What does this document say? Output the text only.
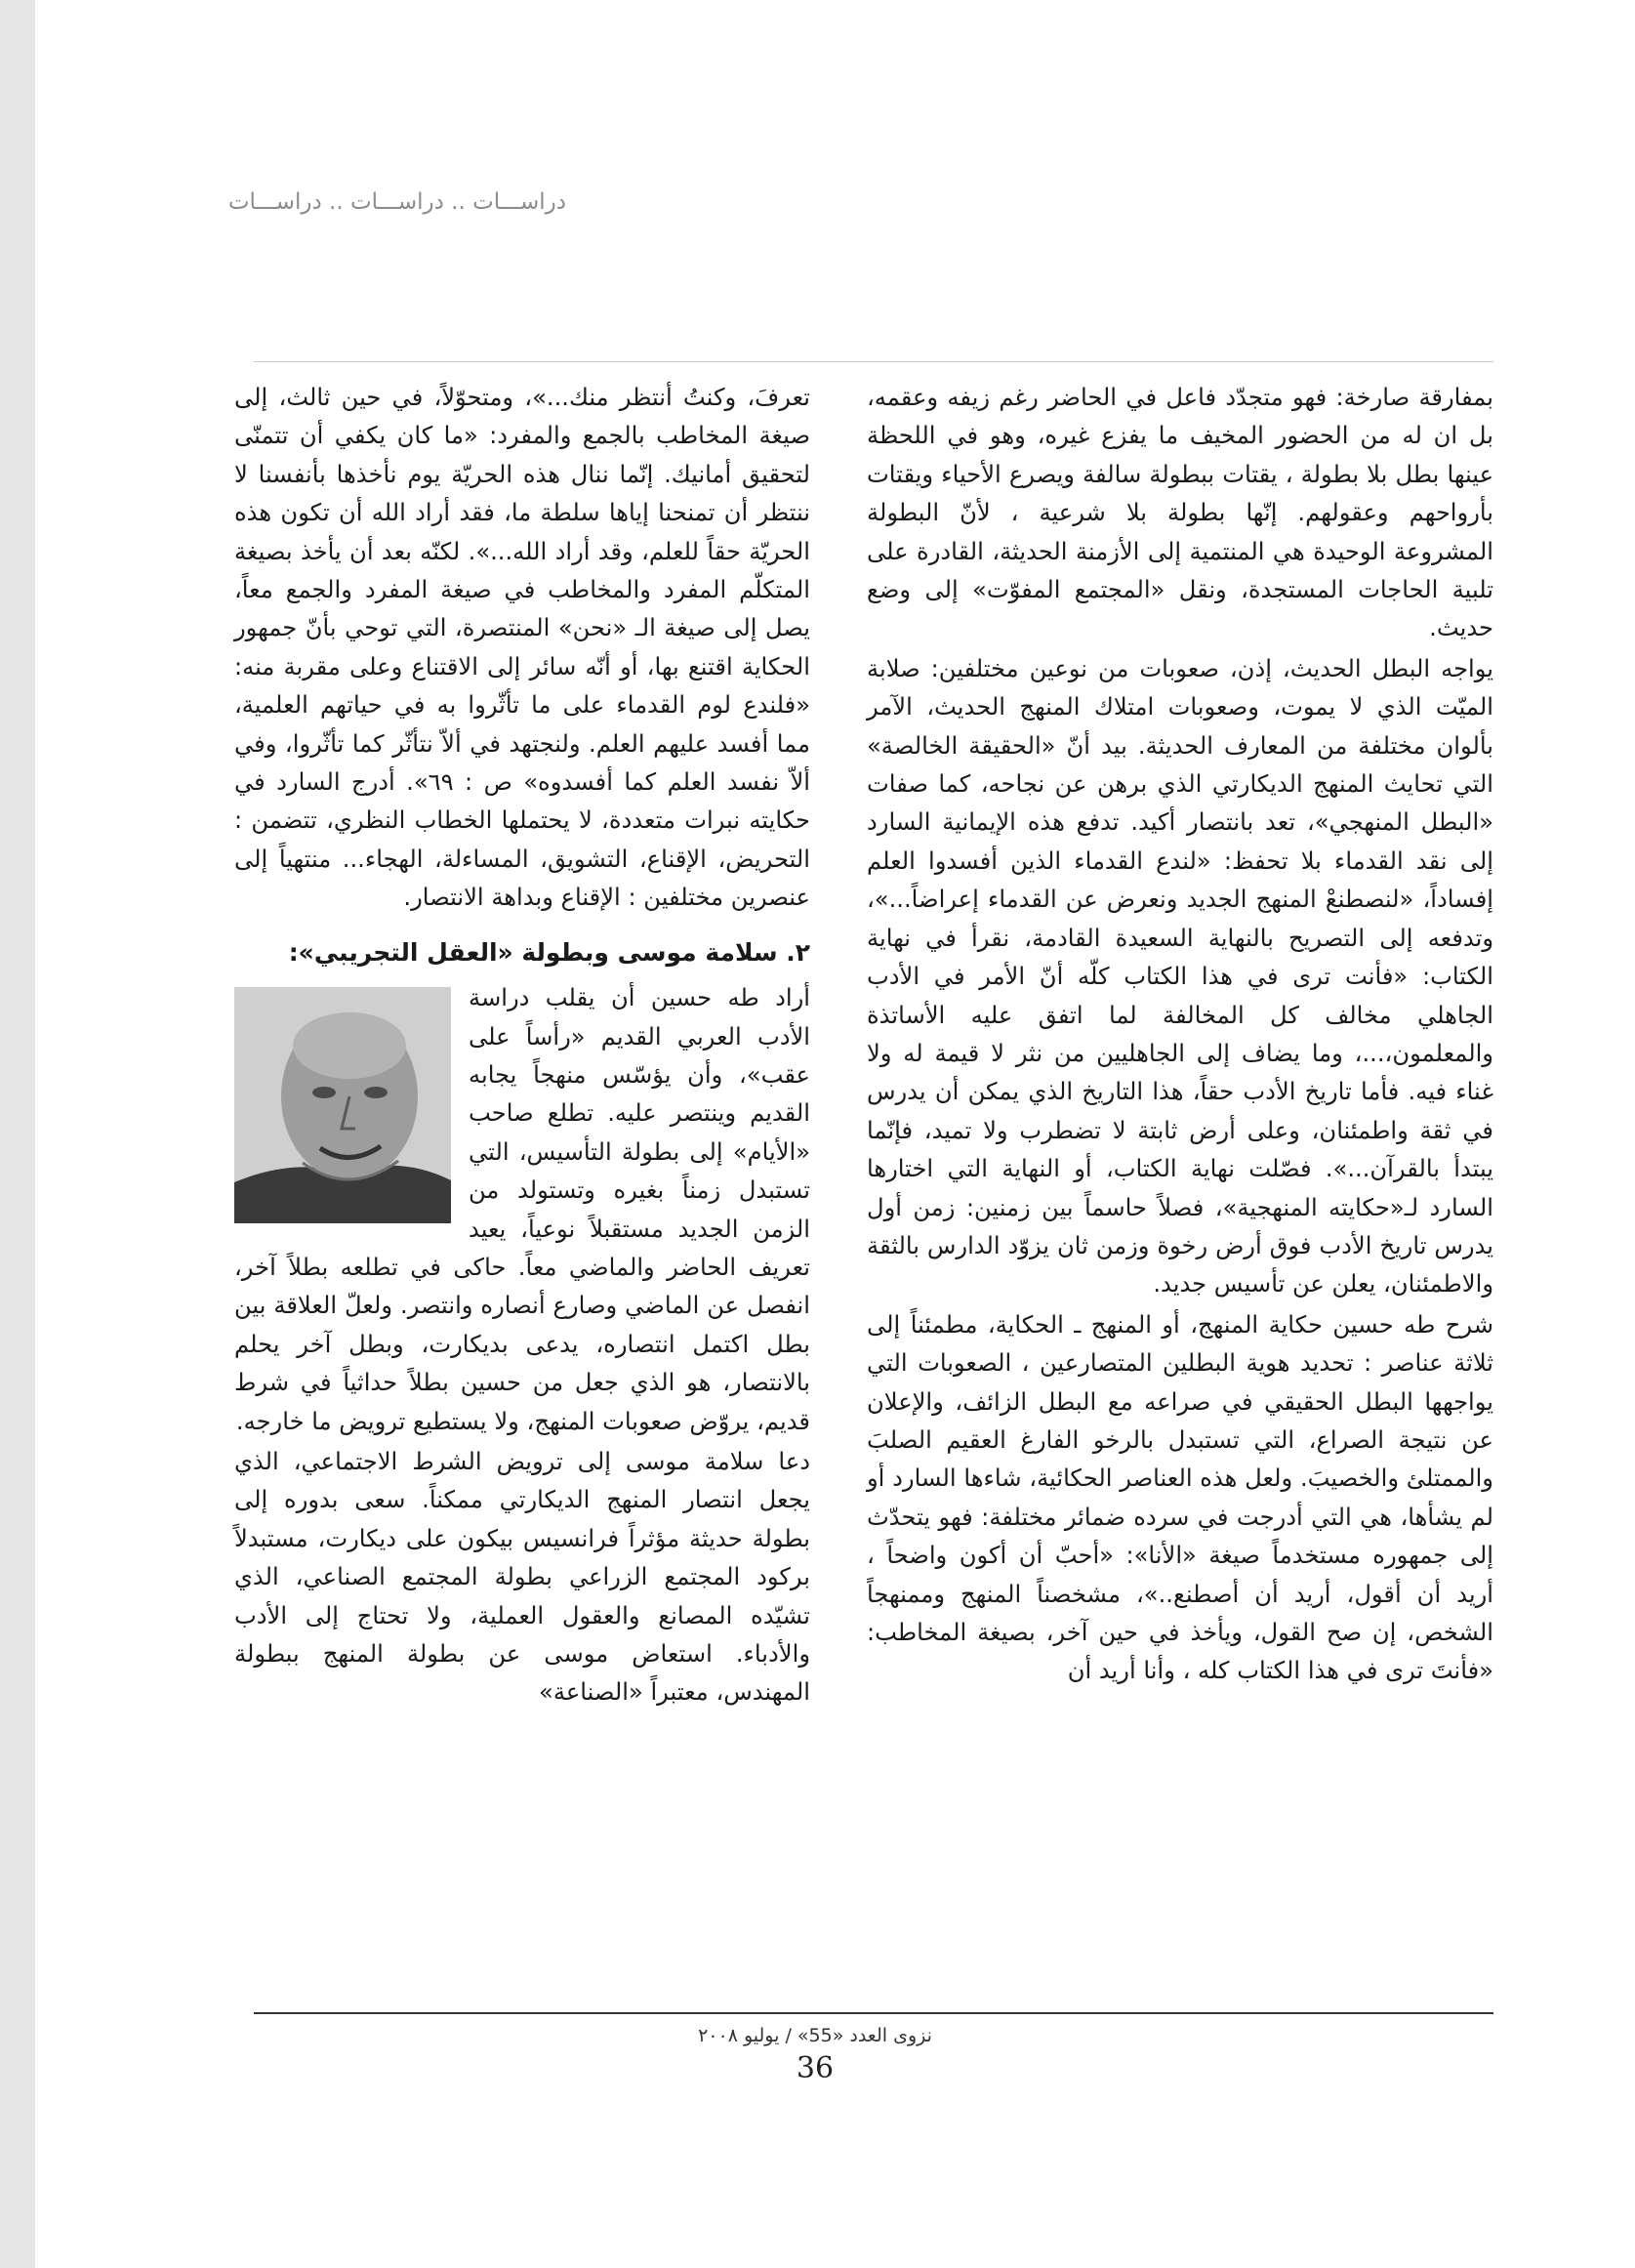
دراســـات .. دراســـات .. دراســـات

بمفارقة صارخة: فهو متجدّد فاعل في الحاضر رغم زيفه وعقمه، بل ان له من الحضور المخيف ما يفزع غيره، وهو في اللحظة عينها بطل بلا بطولة ، يقتات ببطولة سالفة ويصرع الأحياء ويقتات بأرواحهم وعقولهم. إنّها بطولة بلا شرعية ، لأنّ البطولة المشروعة الوحيدة هي المنتمية إلى الأزمنة الحديثة، القادرة على تلبية الحاجات المستجدة، ونقل «المجتمع المفوّت» إلى وضع حديث.

يواجه البطل الحديث، إذن، صعوبات من نوعين مختلفين: صلابة الميّت الذي لا يموت، وصعوبات امتلاك المنهج الحديث، الآمر بألوان مختلفة من المعارف الحديثة. بيد أنّ «الحقيقة الخالصة» التي تحايث المنهج الديكارتي الذي برهن عن نجاحه، كما صفات «البطل المنهجي»، تعد بانتصار أكيد. تدفع هذه الإيمانية السارد إلى نقد القدماء بلا تحفظ: «لندع القدماء الذين أفسدوا العلم إفساداً، «لنصطنعْ المنهج الجديد ونعرض عن القدماء إعراضاً...»، وتدفعه إلى التصريح بالنهاية السعيدة القادمة، نقرأ في نهاية الكتاب: «فأنت ترى في هذا الكتاب كلّه أنّ الأمر في الأدب الجاهلي مخالف كل المخالفة لما اتفق عليه الأساتذة والمعلمون،...، وما يضاف إلى الجاهليين من نثر لا قيمة له ولا غناء فيه. فأما تاريخ الأدب حقاً، هذا التاريخ الذي يمكن أن يدرس في ثقة واطمئنان، وعلى أرض ثابتة لا تضطرب ولا تميد، فإنّما يبتدأ بالقرآن...». فصّلت نهاية الكتاب، أو النهاية التي اختارها السارد لـ«حكايته المنهجية»، فصلاً حاسماً بين زمنين: زمن أول يدرس تاريخ الأدب فوق أرض رخوة وزمن ثان يزوّد الدارس بالثقة والاطمئنان، يعلن عن تأسيس جديد.

شرح طه حسين حكاية المنهج، أو المنهج ـ الحكاية، مطمئناً إلى ثلاثة عناصر : تحديد هوية البطلين المتصارعين ، الصعوبات التي يواجهها البطل الحقيقي في صراعه مع البطل الزائف، والإعلان عن نتيجة الصراع، التي تستبدل بالرخو الفارغ العقيم الصلبَ والممتلئ والخصيبَ. ولعل هذه العناصر الحكائية، شاءها السارد أو لم يشأها، هي التي أدرجت في سرده ضمائر مختلفة: فهو يتحدّث إلى جمهوره مستخدماً صيغة «الأنا»: «أحبّ أن أكون واضحاً ، أريد أن أقول، أريد أن أصطنع..»، مشخصناً المنهج وممنهجاً الشخص، إن صح القول، ويأخذ في حين آخر، بصيغة المخاطب: «فأنتَ ترى في هذا الكتاب كله ، وأنا أريد أن

تعرفَ، وكنتُ أنتظر منك...»، ومتحوّلاً، في حين ثالث، إلى صيغة المخاطب بالجمع والمفرد: «ما كان يكفي أن تتمنّى لتحقيق أمانيك. إنّما ننال هذه الحريّة يوم نأخذها بأنفسنا لا ننتظر أن تمنحنا إياها سلطة ما، فقد أراد الله أن تكون هذه الحريّة حقاً للعلم، وقد أراد الله...». لكنّه بعد أن يأخذ بصيغة المتكلّم المفرد والمخاطب في صيغة المفرد والجمع معاً، يصل إلى صيغة الـ «نحن» المنتصرة، التي توحي بأنّ جمهور الحكاية اقتنع بها، أو أنّه سائر إلى الاقتناع وعلى مقربة منه: «فلندع لوم القدماء على ما تأثّروا به في حياتهم العلمية، مما أفسد عليهم العلم. ولنجتهد في ألاّ نتأثّر كما تأثّروا، وفي ألاّ نفسد العلم كما أفسدوه» ص : ٦٩». أدرج السارد في حكايته نبرات متعددة، لا يحتملها الخطاب النظري، تتضمن : التحريض، الإقناع، التشويق، المساءلة، الهجاء... منتهياً إلى عنصرين مختلفين : الإقناع وبداهة الانتصار.

٢. سلامة موسى وبطولة «العقل التجريبي»:

أراد طه حسين أن يقلب دراسة الأدب العربي القديم «رأساً على عقب»، وأن يؤسّس منهجاً يجابه القديم وينتصر عليه. تطلع صاحب «الأيام» إلى بطولة التأسيس، التي تستبدل زمناً بغيره وتستولد من الزمن الجديد مستقبلاً نوعياً، يعيد تعريف الحاضر والماضي معاً. حاكى في تطلعه بطلاً آخر، انفصل عن الماضي وصارع أنصاره وانتصر. ولعلّ العلاقة بين بطل اكتمل انتصاره، يدعى بديكارت، وبطل آخر يحلم بالانتصار، هو الذي جعل من حسين بطلاً حداثياً في شرط قديم، يروّض صعوبات المنهج، ولا يستطيع ترويض ما خارجه.

دعا سلامة موسى إلى ترويض الشرط الاجتماعي، الذي يجعل انتصار المنهج الديكارتي ممكناً. سعى بدوره إلى بطولة حديثة مؤثراً فرانسيس بيكون على ديكارت، مستبدلاً بركود المجتمع الزراعي بطولة المجتمع الصناعي، الذي تشيّده المصانع والعقول العملية، ولا تحتاج إلى الأدب والأدباء. استعاض موسى عن بطولة المنهج ببطولة المهندس، معتبراً «الصناعة»

نزوى العدد «55» / يوليو ٢٠٠٨
36
